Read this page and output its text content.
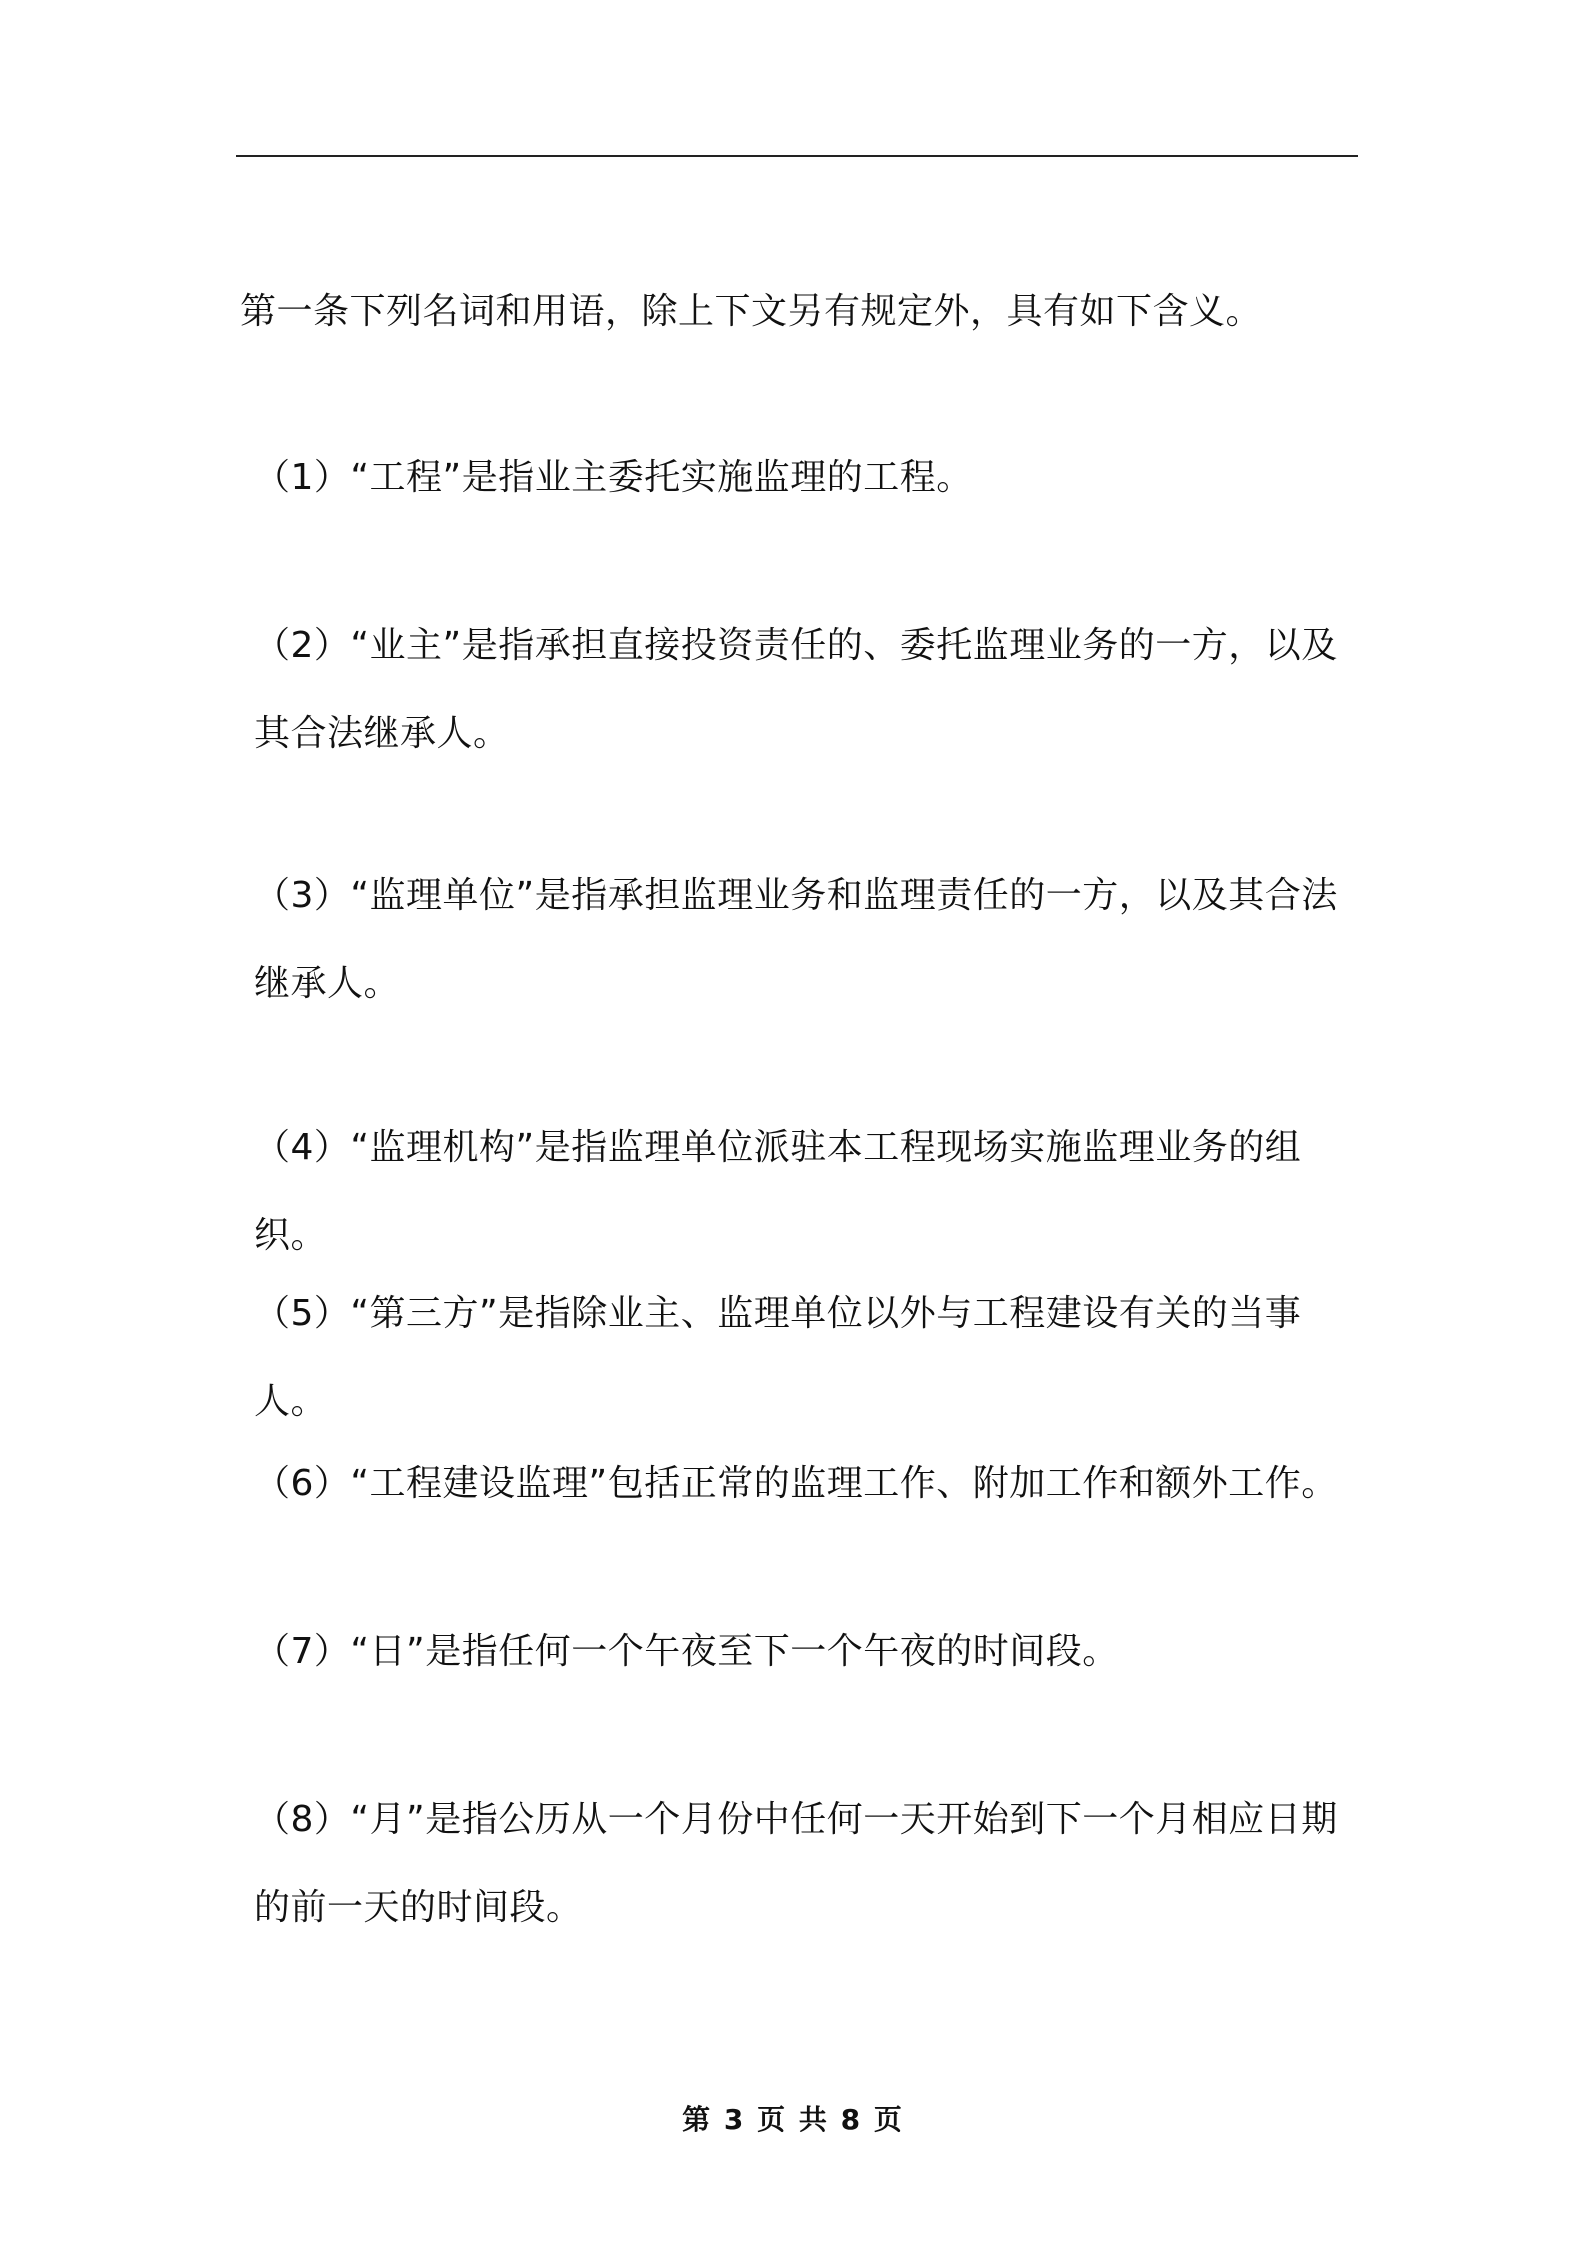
第一条下列名词和用语，除上下文另有规定外，具有如下含义。

（1）“工程”是指业主委托实施监理的工程。

（2）“业主”是指承担直接投资责任的、委托监理业务的一方，以及其合法继承人。

（3）“监理单位”是指承担监理业务和监理责任的一方，以及其合法继承人。

（4）“监理机构”是指监理单位派驻本工程现场实施监理业务的组织。

（5）“第三方”是指除业主、监理单位以外与工程建设有关的当事人。

（6）“工程建设监理”包括正常的监理工作、附加工作和额外工作。

（7）“日”是指任何一个午夜至下一个午夜的时间段。

（8）“月”是指公历从一个月份中任何一天开始到下一个月相应日期的前一天的时间段。

第 3 页 共 8 页
